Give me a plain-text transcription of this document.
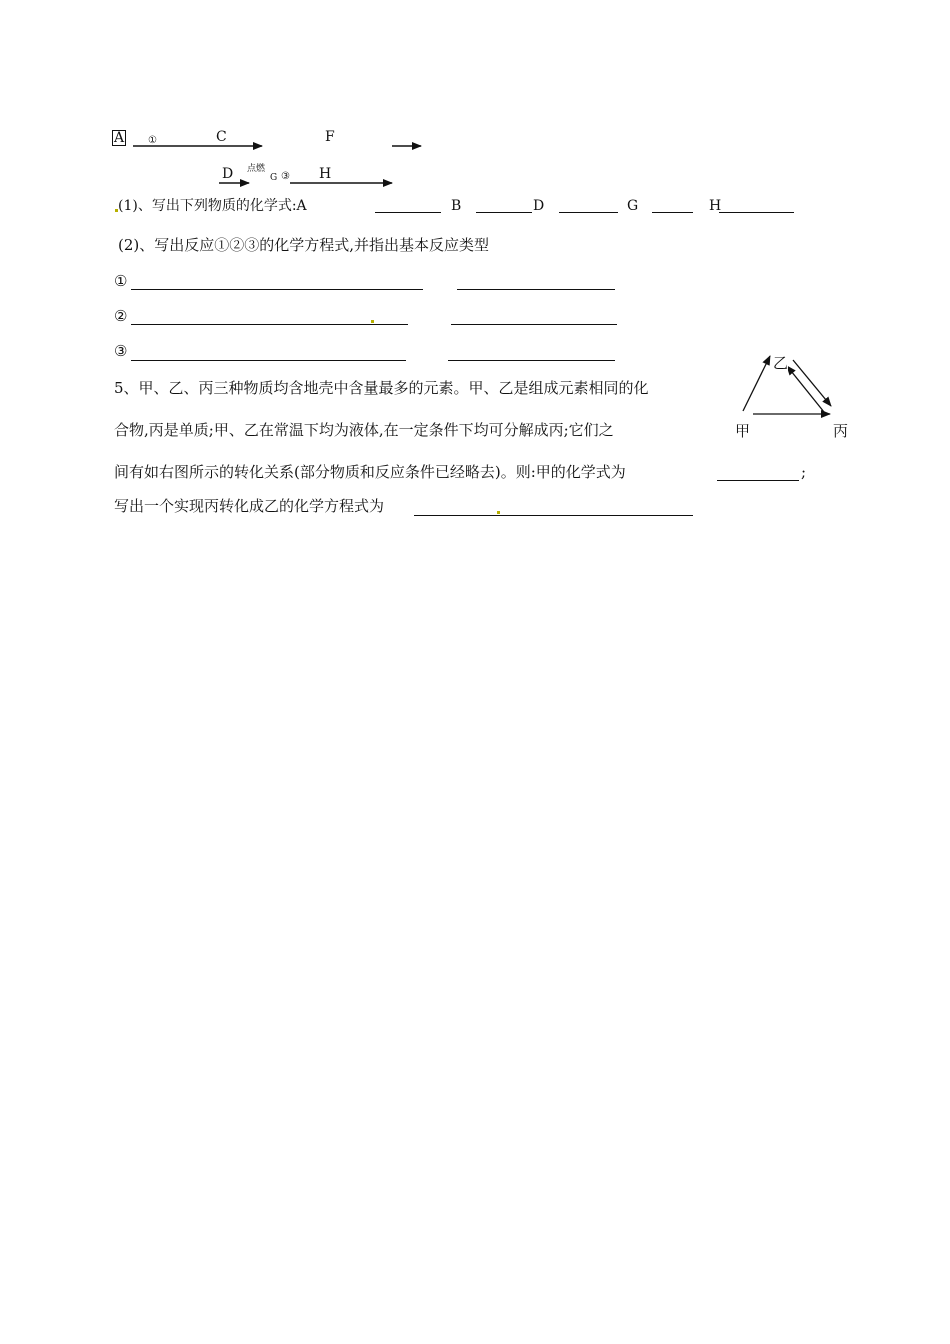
A ①	C	F
D 点燃
G ③ H
(1)、写出下列物质的化学式:A	B	D	G	H
(2)、写出反应①②③的化学方程式,并指出基本反应类型
①
②
③
5、甲、乙、丙三种物质均含地壳中含量最多的元素。甲、乙是组成元素相同的化
合物,丙是单质;甲、乙在常温下均为液体,在一定条件下均可分解成丙;它们之
间有如右图所示的转化关系(部分物质和反应条件已经略去)。则:甲的化学式为	;
写出一个实现丙转化成乙的化学方程式为
乙
甲	丙
